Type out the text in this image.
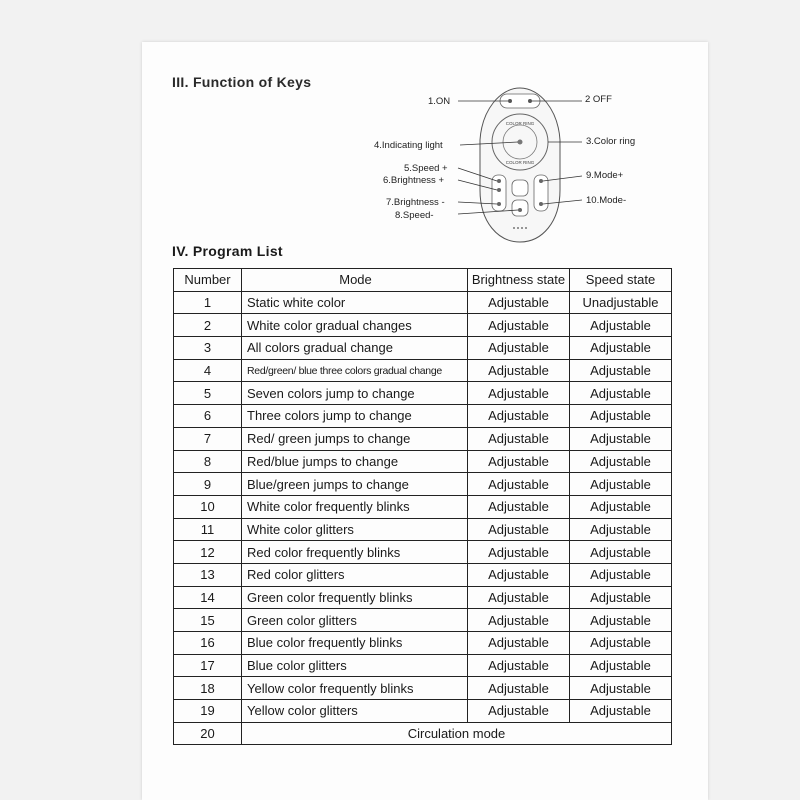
III. Function of Keys
COLOR RING
COLOR RING
1.ON	2 OFF
3.Color ring
4.Indicating light
5.Speed +
6.Brightness +	9.Mode+
7.Brightness -	10.Mode-
8.Speed-
IV. Program List
Number	Mode	Brightness state	Speed state
1	Static white color	Adjustable	Unadjustable
2	White color gradual changes	Adjustable	Adjustable
3	All colors gradual change	Adjustable	Adjustable
4	Red/green/ blue three colors gradual change	Adjustable	Adjustable
5	Seven colors jump to change	Adjustable	Adjustable
6	Three colors jump to change	Adjustable	Adjustable
7	Red/ green jumps to change	Adjustable	Adjustable
8	Red/blue jumps to change	Adjustable	Adjustable
9	Blue/green jumps to change	Adjustable	Adjustable
10	White color frequently blinks	Adjustable	Adjustable
11	White color glitters	Adjustable	Adjustable
12	Red color frequently blinks	Adjustable	Adjustable
13	Red color glitters	Adjustable	Adjustable
14	Green color frequently blinks	Adjustable	Adjustable
15	Green color glitters	Adjustable	Adjustable
16	Blue color frequently blinks	Adjustable	Adjustable
17	Blue color glitters	Adjustable	Adjustable
18	Yellow color frequently blinks	Adjustable	Adjustable
19	Yellow color glitters	Adjustable	Adjustable
20	Circulation mode		
